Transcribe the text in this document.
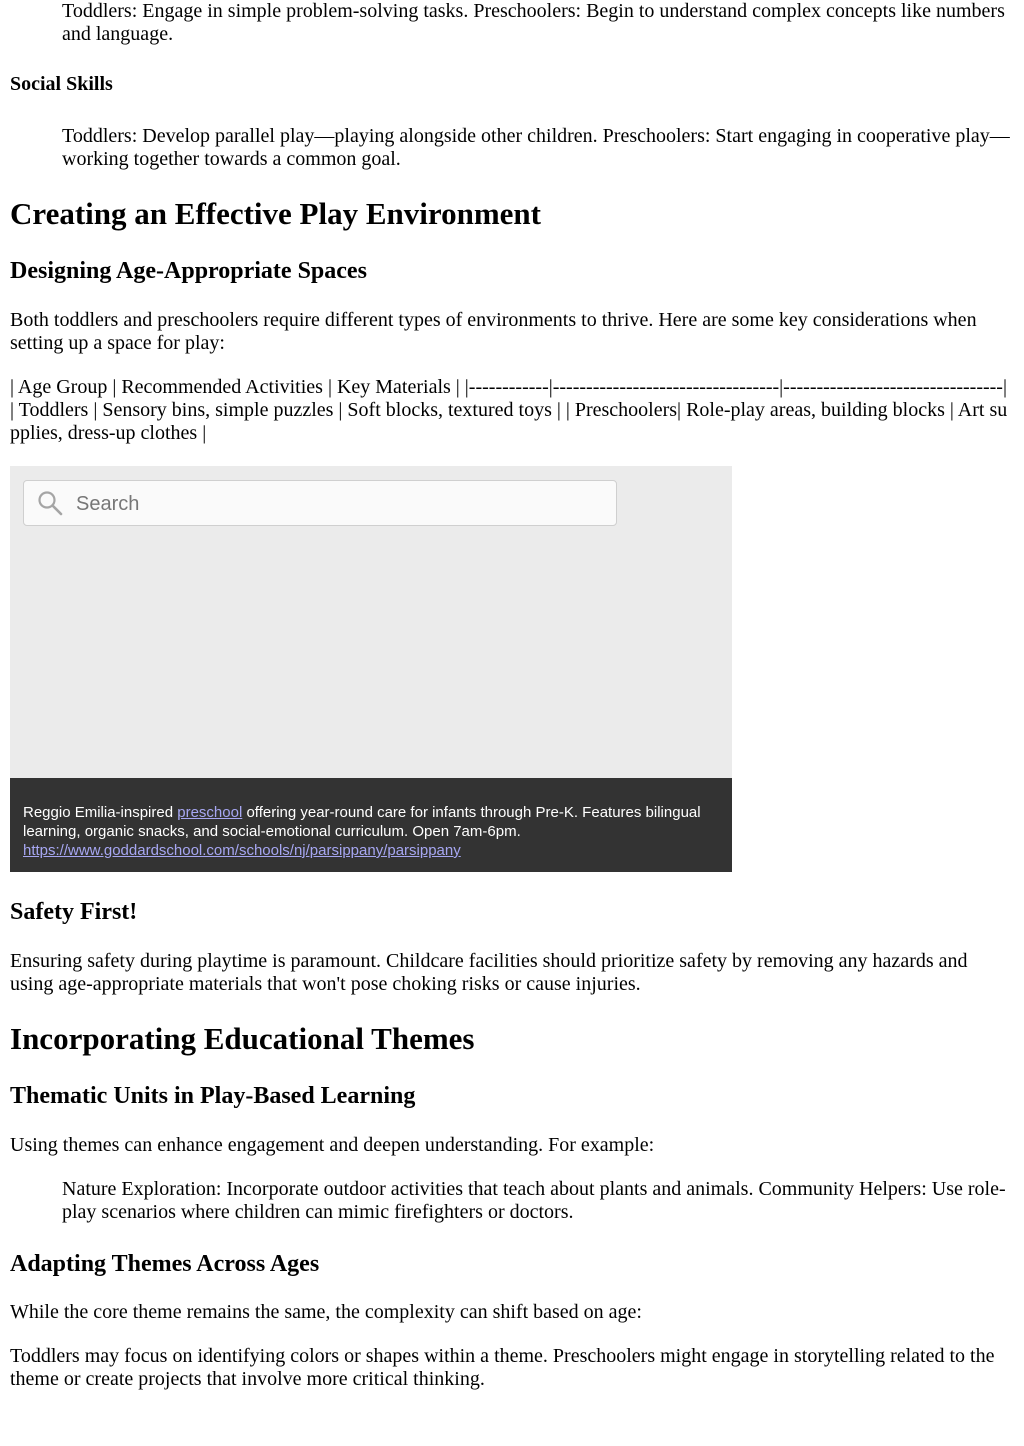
Toddlers: Engage in simple problem-solving tasks. Preschoolers: Begin to understand complex concepts like numbers and language.
Social Skills
Toddlers: Develop parallel play—playing alongside other children. Preschoolers: Start engaging in cooperative play—working together towards a common goal.
Creating an Effective Play Environment
Designing Age-Appropriate Spaces

Both toddlers and preschoolers require different types of environments to thrive. Here are some key considerations when setting up a space for play:

| Age Group | Recommended Activities | Key Materials | |------------|----------------------------------|---------------------------------| | Toddlers | Sensory bins, simple puzzles | Soft blocks, textured toys | | Preschoolers| Role-play areas, building blocks | Art supplies, dress-up clothes |

Search
Reggio Emilia-inspired preschool offering year-round care for infants through Pre-K. Features bilingual learning, organic snacks, and social-emotional curriculum. Open 7am-6pm.
https://www.goddardschool.com/schools/nj/parsippany/parsippany
Safety First!

Ensuring safety during playtime is paramount. Childcare facilities should prioritize safety by removing any hazards and using age-appropriate materials that won't pose choking risks or cause injuries.

Incorporating Educational Themes
Thematic Units in Play-Based Learning

Using themes can enhance engagement and deepen understanding. For example:

Nature Exploration: Incorporate outdoor activities that teach about plants and animals. Community Helpers: Use role-play scenarios where children can mimic firefighters or doctors.
Adapting Themes Across Ages

While the core theme remains the same, the complexity can shift based on age:

Toddlers may focus on identifying colors or shapes within a theme. Preschoolers might engage in storytelling related to the theme or create projects that involve more critical thinking.
